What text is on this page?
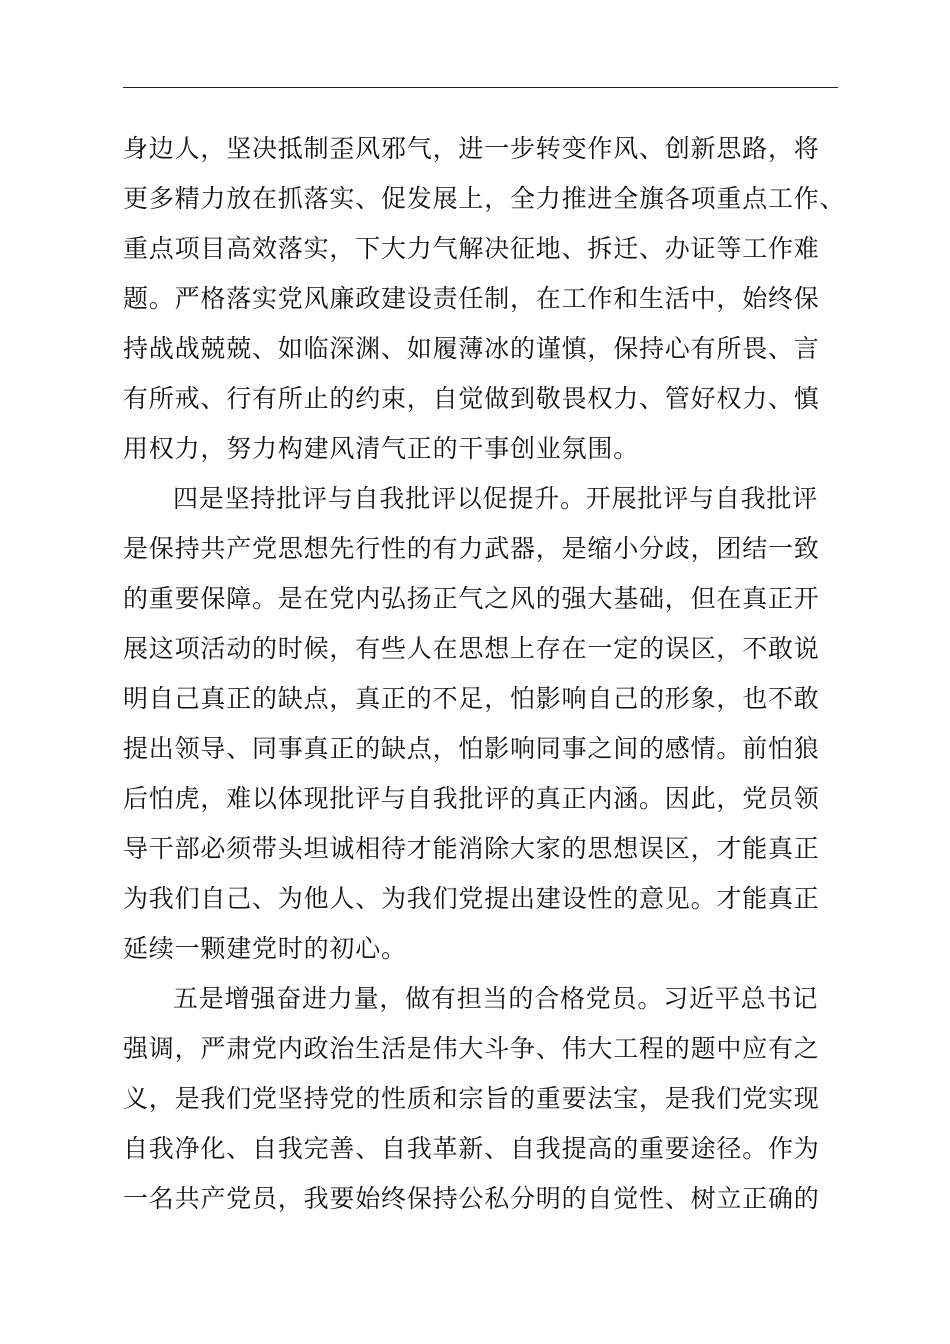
身边人，坚决抵制歪风邪气，进一步转变作风、创新思路，将
更多精力放在抓落实、促发展上，全力推进全旗各项重点工作、
重点项目高效落实，下大力气解决征地、拆迁、办证等工作难
题。严格落实党风廉政建设责任制，在工作和生活中，始终保
持战战兢兢、如临深渊、如履薄冰的谨慎，保持心有所畏、言
有所戒、行有所止的约束，自觉做到敬畏权力、管好权力、慎
用权力，努力构建风清气正的干事创业氛围。
四是坚持批评与自我批评以促提升。开展批评与自我批评
是保持共产党思想先行性的有力武器，是缩小分歧，团结一致
的重要保障。是在党内弘扬正气之风的强大基础，但在真正开
展这项活动的时候，有些人在思想上存在一定的误区，不敢说
明自己真正的缺点，真正的不足，怕影响自己的形象，也不敢
提出领导、同事真正的缺点，怕影响同事之间的感情。前怕狼
后怕虎，难以体现批评与自我批评的真正内涵。因此，党员领
导干部必须带头坦诚相待才能消除大家的思想误区，才能真正
为我们自己、为他人、为我们党提出建设性的意见。才能真正
延续一颗建党时的初心。
五是增强奋进力量，做有担当的合格党员。习近平总书记
强调，严肃党内政治生活是伟大斗争、伟大工程的题中应有之
义，是我们党坚持党的性质和宗旨的重要法宝，是我们党实现
自我净化、自我完善、自我革新、自我提高的重要途径。作为
一名共产党员，我要始终保持公私分明的自觉性、树立正确的
